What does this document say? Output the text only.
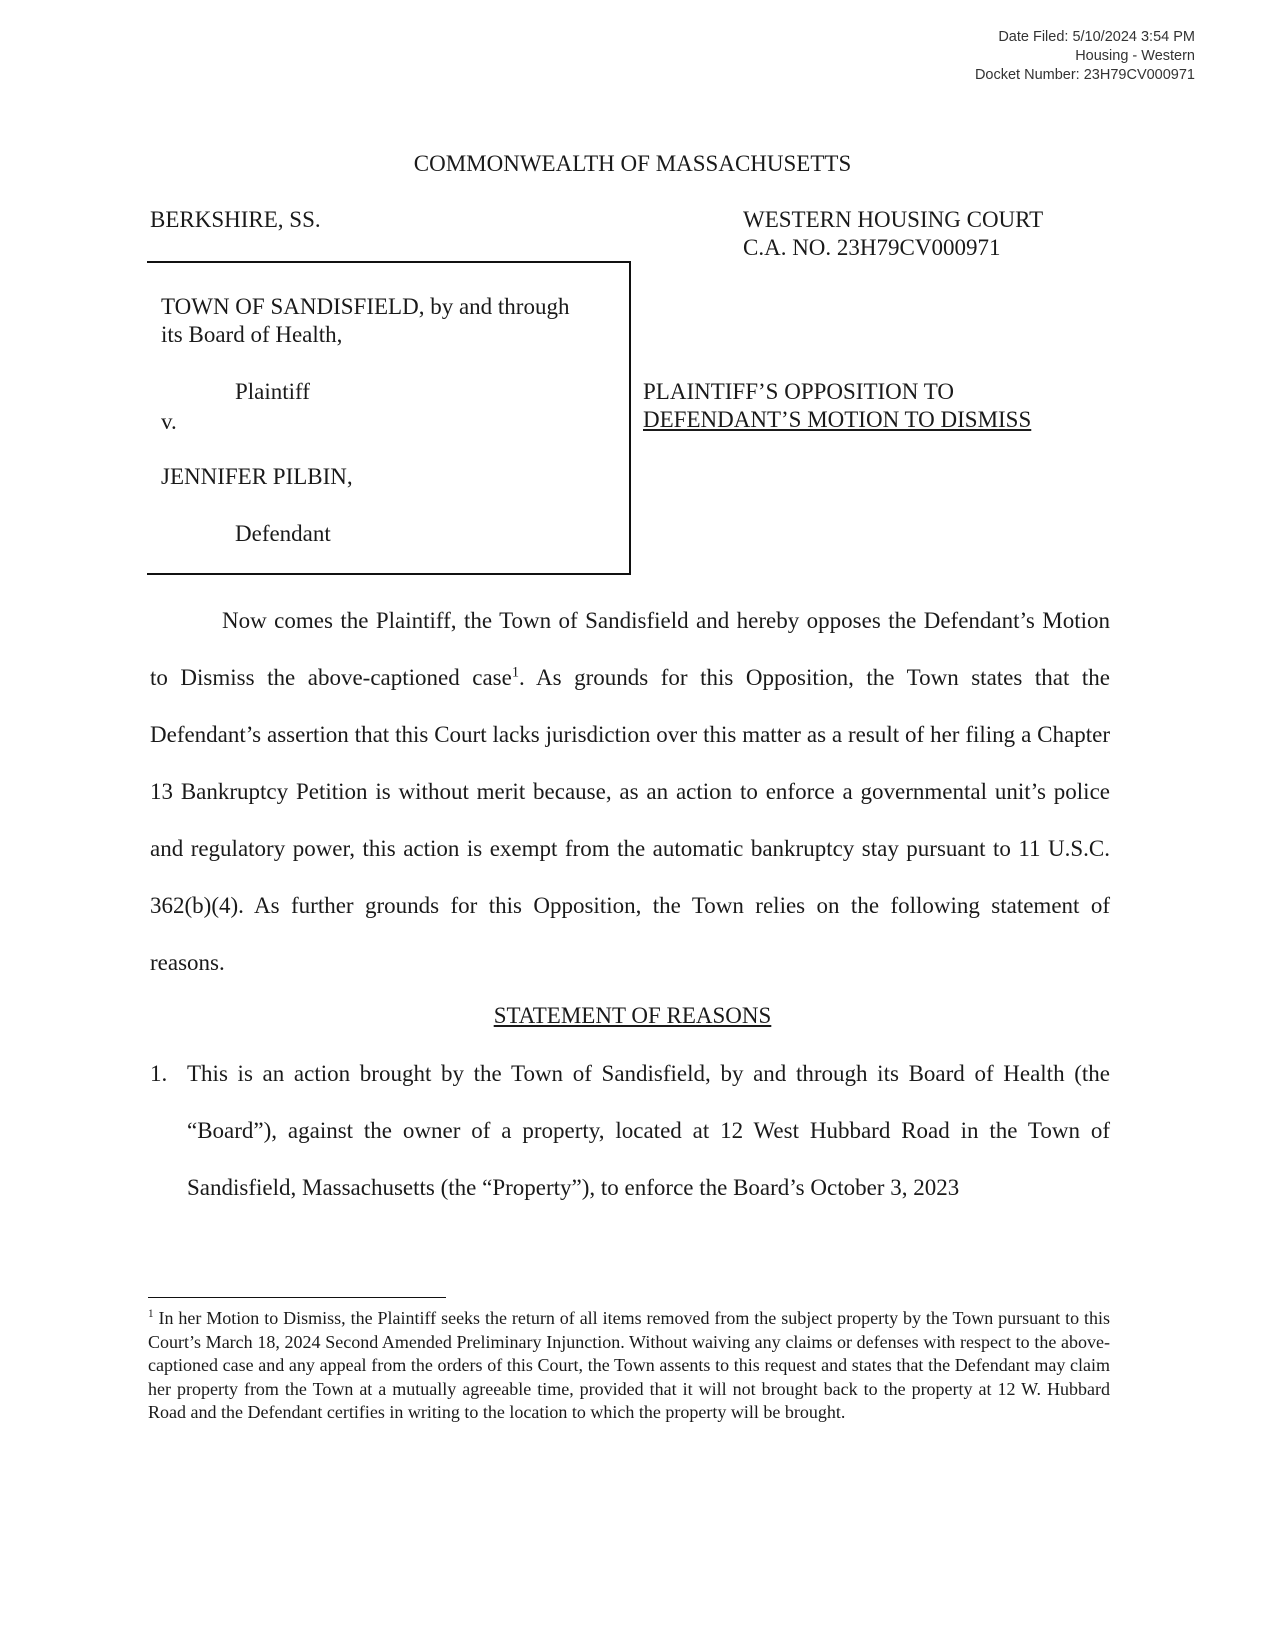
Date Filed: 5/10/2024 3:54 PM
Housing - Western
Docket Number: 23H79CV000971
COMMONWEALTH OF MASSACHUSETTS
BERKSHIRE, SS.	WESTERN HOUSING COURT
C.A. NO. 23H79CV000971
TOWN OF SANDISFIELD, by and through
its Board of Health,
Plaintiff
v.
JENNIFER PILBIN,
Defendant
PLAINTIFF’S OPPOSITION TO
DEFENDANT’S MOTION TO DISMISS
Now comes the Plaintiff, the Town of Sandisfield and hereby opposes the Defendant’s Motion to Dismiss the above-captioned case$^1$. As grounds for this Opposition, the Town states that the Defendant’s assertion that this Court lacks jurisdiction over this matter as a result of her filing a Chapter 13 Bankruptcy Petition is without merit because, as an action to enforce a governmental unit’s police and regulatory power, this action is exempt from the automatic bankruptcy stay pursuant to 11 U.S.C. 362(b)(4). As further grounds for this Opposition, the Town relies on the following statement of reasons.
STATEMENT OF REASONS
1. This is an action brought by the Town of Sandisfield, by and through its Board of Health (the “Board”), against the owner of a property, located at 12 West Hubbard Road in the Town of Sandisfield, Massachusetts (the “Property”), to enforce the Board’s October 3, 2023
$^1$ In her Motion to Dismiss, the Plaintiff seeks the return of all items removed from the subject property by the Town pursuant to this Court’s March 18, 2024 Second Amended Preliminary Injunction. Without waiving any claims or defenses with respect to the above-captioned case and any appeal from the orders of this Court, the Town assents to this request and states that the Defendant may claim her property from the Town at a mutually agreeable time, provided that it will not brought back to the property at 12 W. Hubbard Road and the Defendant certifies in writing to the location to which the property will be brought.
